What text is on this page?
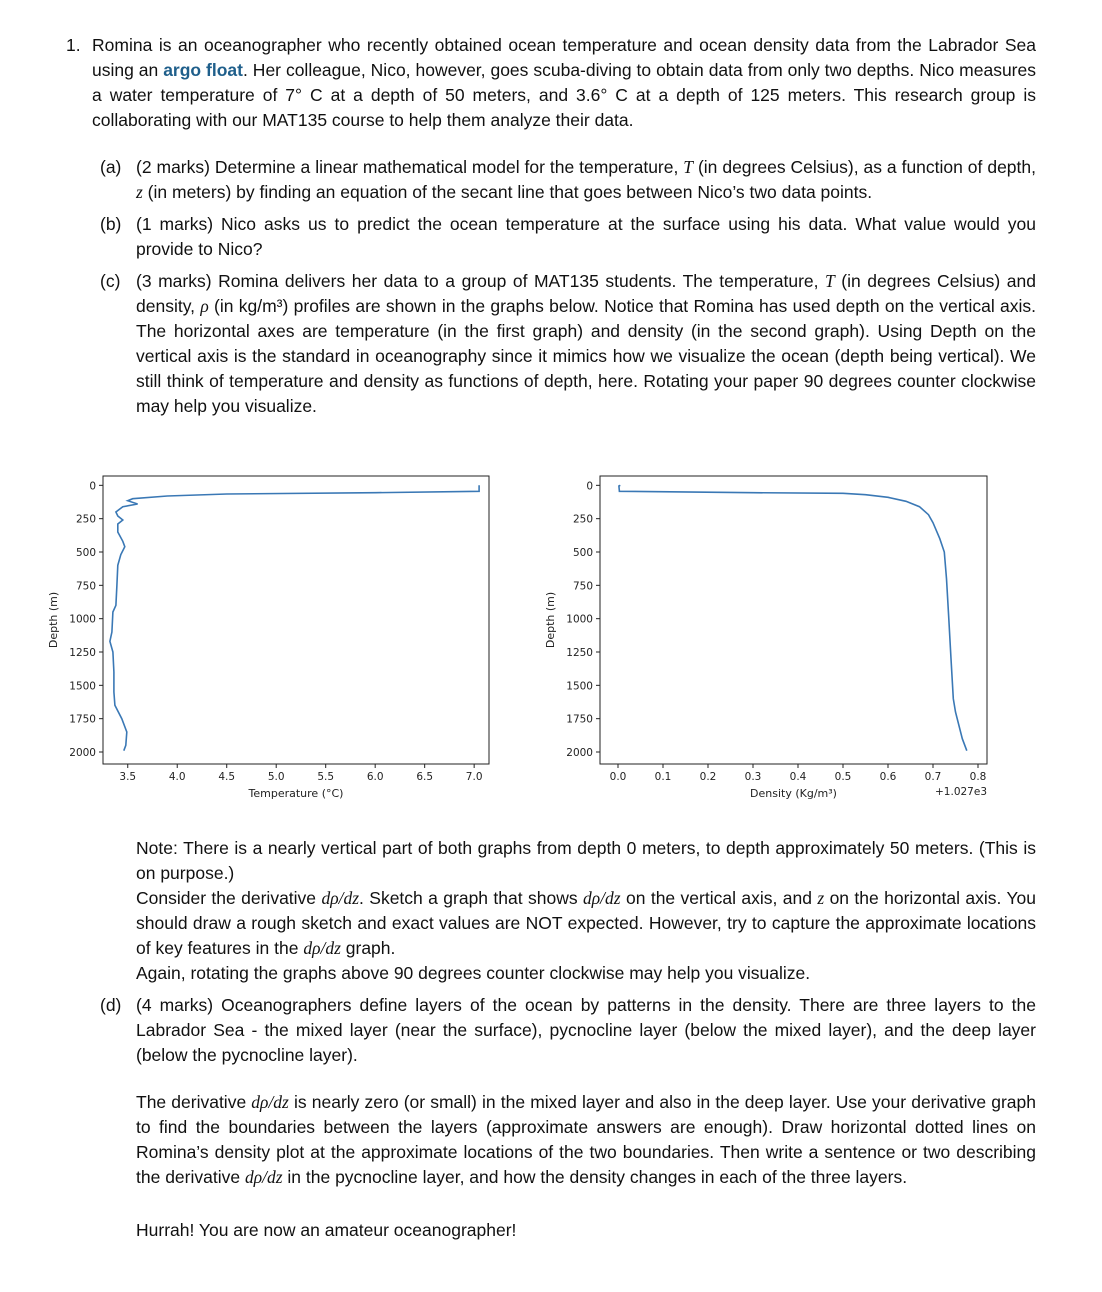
1. Romina is an oceanographer who recently obtained ocean temperature and ocean density data from the Labrador Sea using an argo float. Her colleague, Nico, however, goes scuba-diving to obtain data from only two depths. Nico measures a water temperature of 7° C at a depth of 50 meters, and 3.6° C at a depth of 125 meters. This research group is collaborating with our MAT135 course to help them analyze their data.
(a) (2 marks) Determine a linear mathematical model for the temperature, T (in degrees Celsius), as a function of depth, z (in meters) by finding an equation of the secant line that goes between Nico’s two data points.
(b) (1 marks) Nico asks us to predict the ocean temperature at the surface using his data. What value would you provide to Nico?
(c) (3 marks) Romina delivers her data to a group of MAT135 students. The temperature, T (in degrees Celsius) and density, ρ (in kg/m³) profiles are shown in the graphs below. Notice that Romina has used depth on the vertical axis. The horizontal axes are temperature (in the first graph) and density (in the second graph). Using Depth on the vertical axis is the standard in oceanography since it mimics how we visualize the ocean (depth being vertical). We still think of temperature and density as functions of depth, here. Rotating your paper 90 degrees counter clockwise may help you visualize.
3.5	4.0	4.5	5.0	5.5	6.0	6.5	7.0
0
250
500
750
1000
1250
1500
1750
2000
Temperature (°C)
Depth (m)
0.0	0.1	0.2	0.3	0.4	0.5	0.6	0.7	0.8
0
250
500
750
1000
1250
1500
1750
2000
Density (Kg/m³)
Depth (m)
+1.027e3
Note: There is a nearly vertical part of both graphs from depth 0 meters, to depth approximately 50 meters. (This is on purpose.)
Consider the derivative dρ/dz. Sketch a graph that shows dρ/dz on the vertical axis, and z on the horizontal axis. You should draw a rough sketch and exact values are NOT expected. However, try to capture the approximate locations of key features in the dρ/dz graph.
Again, rotating the graphs above 90 degrees counter clockwise may help you visualize.
(d) (4 marks) Oceanographers define layers of the ocean by patterns in the density. There are three layers to the Labrador Sea - the mixed layer (near the surface), pycnocline layer (below the mixed layer), and the deep layer (below the pycnocline layer).
The derivative dρ/dz is nearly zero (or small) in the mixed layer and also in the deep layer. Use your derivative graph to find the boundaries between the layers (approximate answers are enough). Draw horizontal dotted lines on Romina’s density plot at the approximate locations of the two boundaries. Then write a sentence or two describing the derivative dρ/dz in the pycnocline layer, and how the density changes in each of the three layers.
Hurrah! You are now an amateur oceanographer!
